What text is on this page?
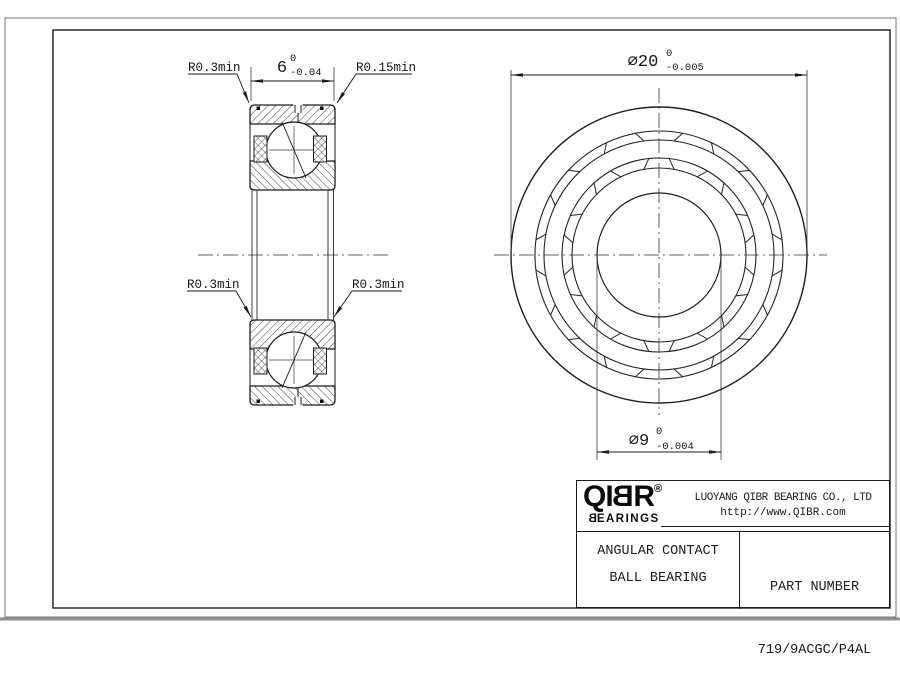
6 0
-0.04
R0.3min	R0.15min
R0.3min	R0.3min
∅20 0
-0.005
∅9 0
-0.004
QIBR®
BEARINGS
LUOYANG QIBR BEARING CO., LTD
http://www.QIBR.com
ANGULAR CONTACT
BALL BEARING

PART NUMBER

719/9ACGC/P4AL
